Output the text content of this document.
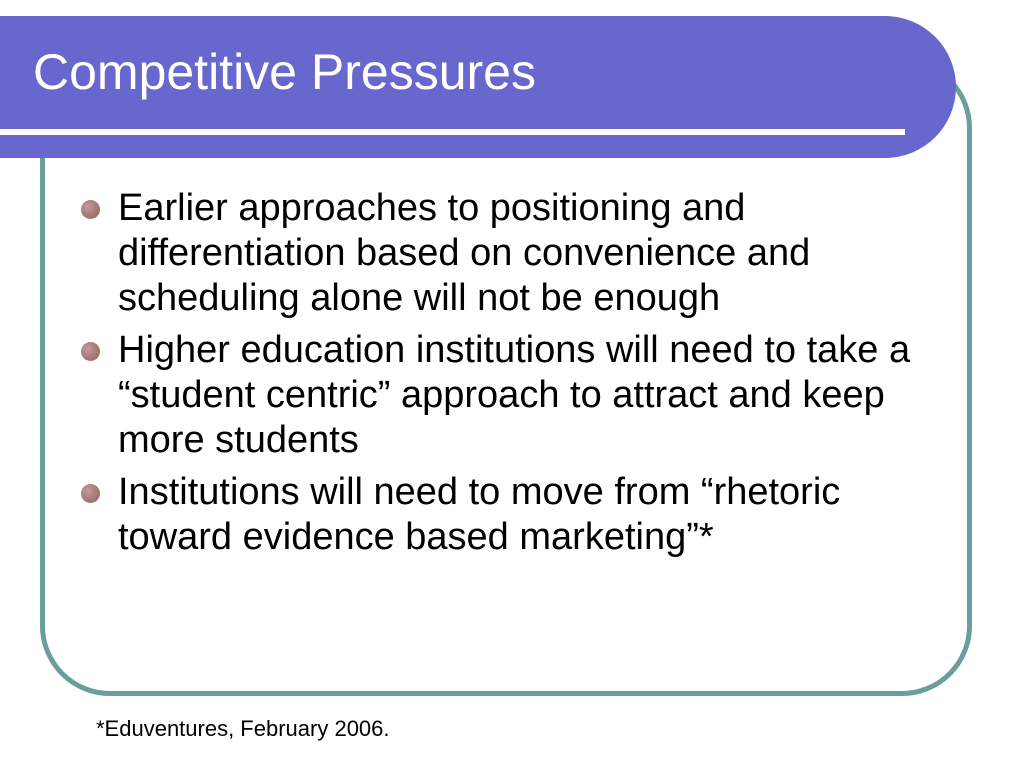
Competitive Pressures
Earlier approaches to positioning and differentiation based on convenience and scheduling alone will not be enough
Higher education institutions will need to take a “student centric” approach to attract and keep more students
Institutions will need to move from “rhetoric toward evidence based marketing”*

*Eduventures, February 2006.
